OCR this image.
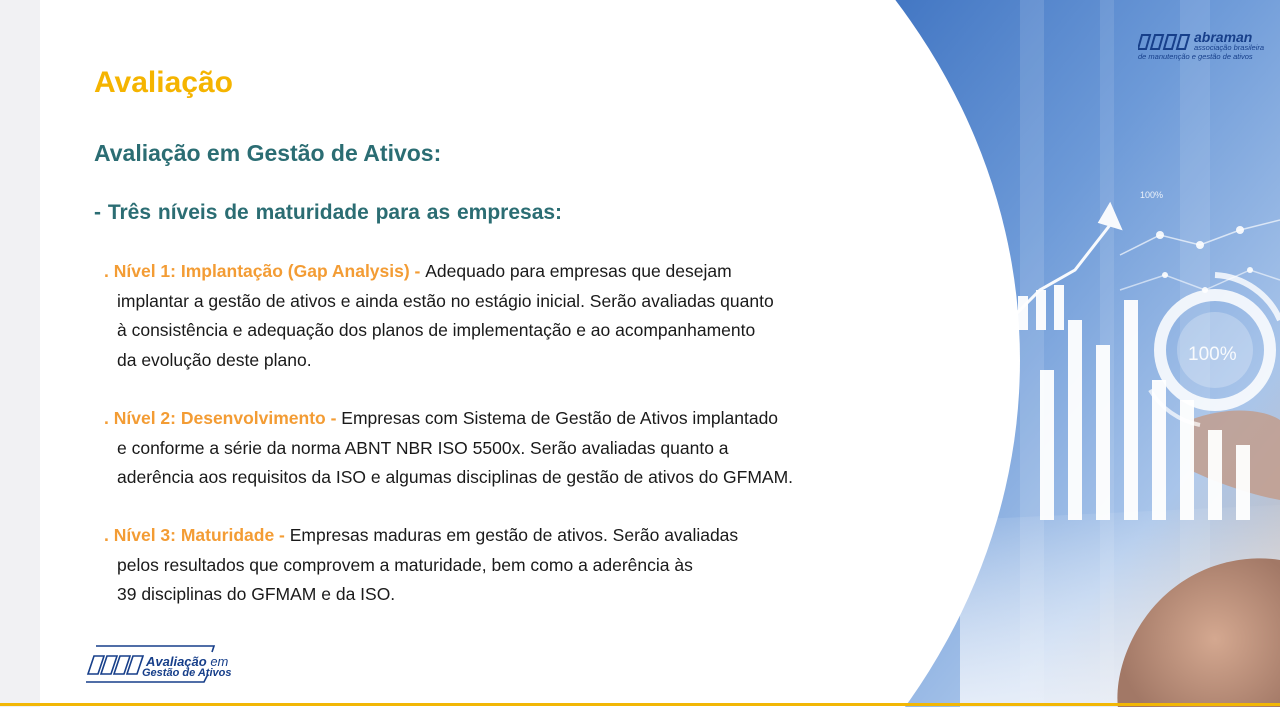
100%
100%
Avaliação
Avaliação em Gestão de Ativos:
- Três níveis de maturidade para as empresas:
. Nível 1: Implantação (Gap Analysis) - Adequado para empresas que desejam
implantar a gestão de ativos e ainda estão no estágio inicial. Serão avaliadas quanto
à consistência e adequação dos planos de implementação e ao acompanhamento
da evolução deste plano.
. Nível 2: Desenvolvimento - Empresas com Sistema de Gestão de Ativos implantado
e conforme a série da norma ABNT NBR ISO 5500x. Serão avaliadas quanto a
aderência aos requisitos da ISO e algumas disciplinas de gestão de ativos do GFMAM.
. Nível 3: Maturidade - Empresas maduras em gestão de ativos. Serão avaliadas
pelos resultados que comprovem a maturidade, bem como a aderência às
39 disciplinas do GFMAM e da ISO.
abraman
associação brasileira
de manutenção e gestão de ativos
Avaliação em
Gestão de Ativos
